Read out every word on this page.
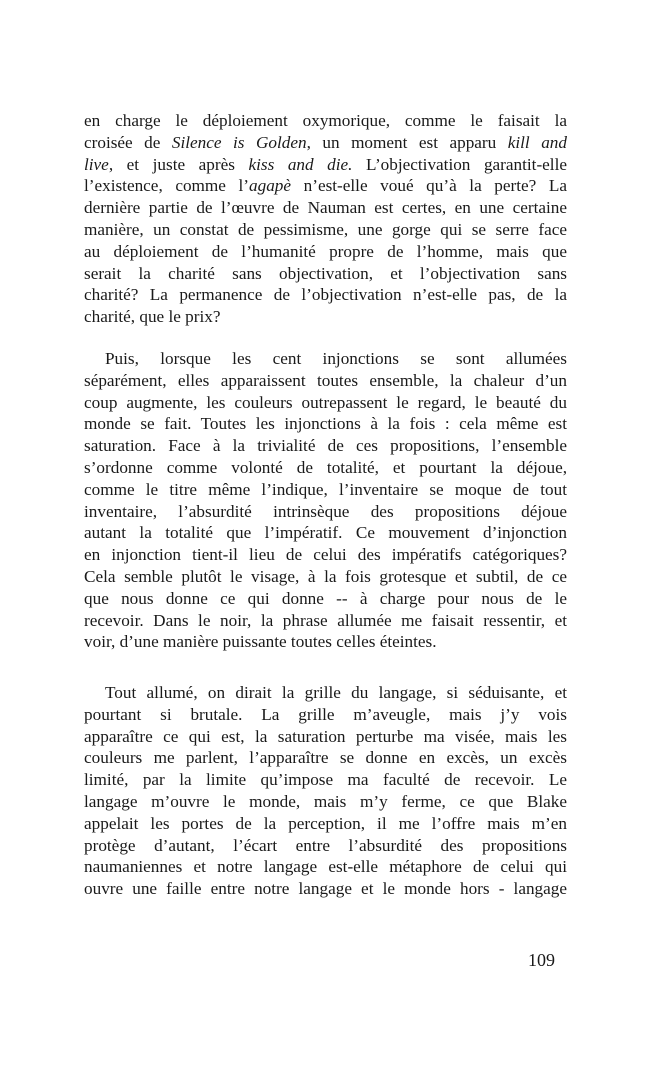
en charge le déploiement oxymorique, comme le faisait la
croisée de Silence is Golden, un moment est apparu kill and
live, et juste après kiss and die. L’objectivation garantit-elle
l’existence, comme l’agapè n’est-elle voué qu’à la perte? La
dernière partie de l’œuvre de Nauman est certes, en une certaine
manière, un constat de pessimisme, une gorge qui se serre face
au déploiement de l’humanité propre de l’homme, mais que
serait la charité sans objectivation, et l’objectivation sans
charité? La permanence de l’objectivation n’est-elle pas, de la
charité, que le prix?
Puis, lorsque les cent injonctions se sont allumées
séparément, elles apparaissent toutes ensemble, la chaleur d’un
coup augmente, les couleurs outrepassent le regard, le beauté du
monde se fait. Toutes les injonctions à la fois : cela même est
saturation. Face à la trivialité de ces propositions, l’ensemble
s’ordonne comme volonté de totalité, et pourtant la déjoue,
comme le titre même l’indique, l’inventaire se moque de tout
inventaire, l’absurdité intrinsèque des propositions déjoue
autant la totalité que l’impératif. Ce mouvement d’injonction
en injonction tient-il lieu de celui des impératifs catégoriques?
Cela semble plutôt le visage, à la fois grotesque et subtil, de ce
que nous donne ce qui donne -- à charge pour nous de le
recevoir. Dans le noir, la phrase allumée me faisait ressentir, et
voir, d’une manière puissante toutes celles éteintes.
Tout allumé, on dirait la grille du langage, si séduisante, et
pourtant si brutale. La grille m’aveugle, mais j’y vois
apparaître ce qui est, la saturation perturbe ma visée, mais les
couleurs me parlent, l’apparaître se donne en excès, un excès
limité, par la limite qu’impose ma faculté de recevoir. Le
langage m’ouvre le monde, mais m’y ferme, ce que Blake
appelait les portes de la perception, il me l’offre mais m’en
protège d’autant, l’écart entre l’absurdité des propositions
naumaniennes et notre langage est-elle métaphore de celui qui
ouvre une faille entre notre langage et le monde hors - langage
109
